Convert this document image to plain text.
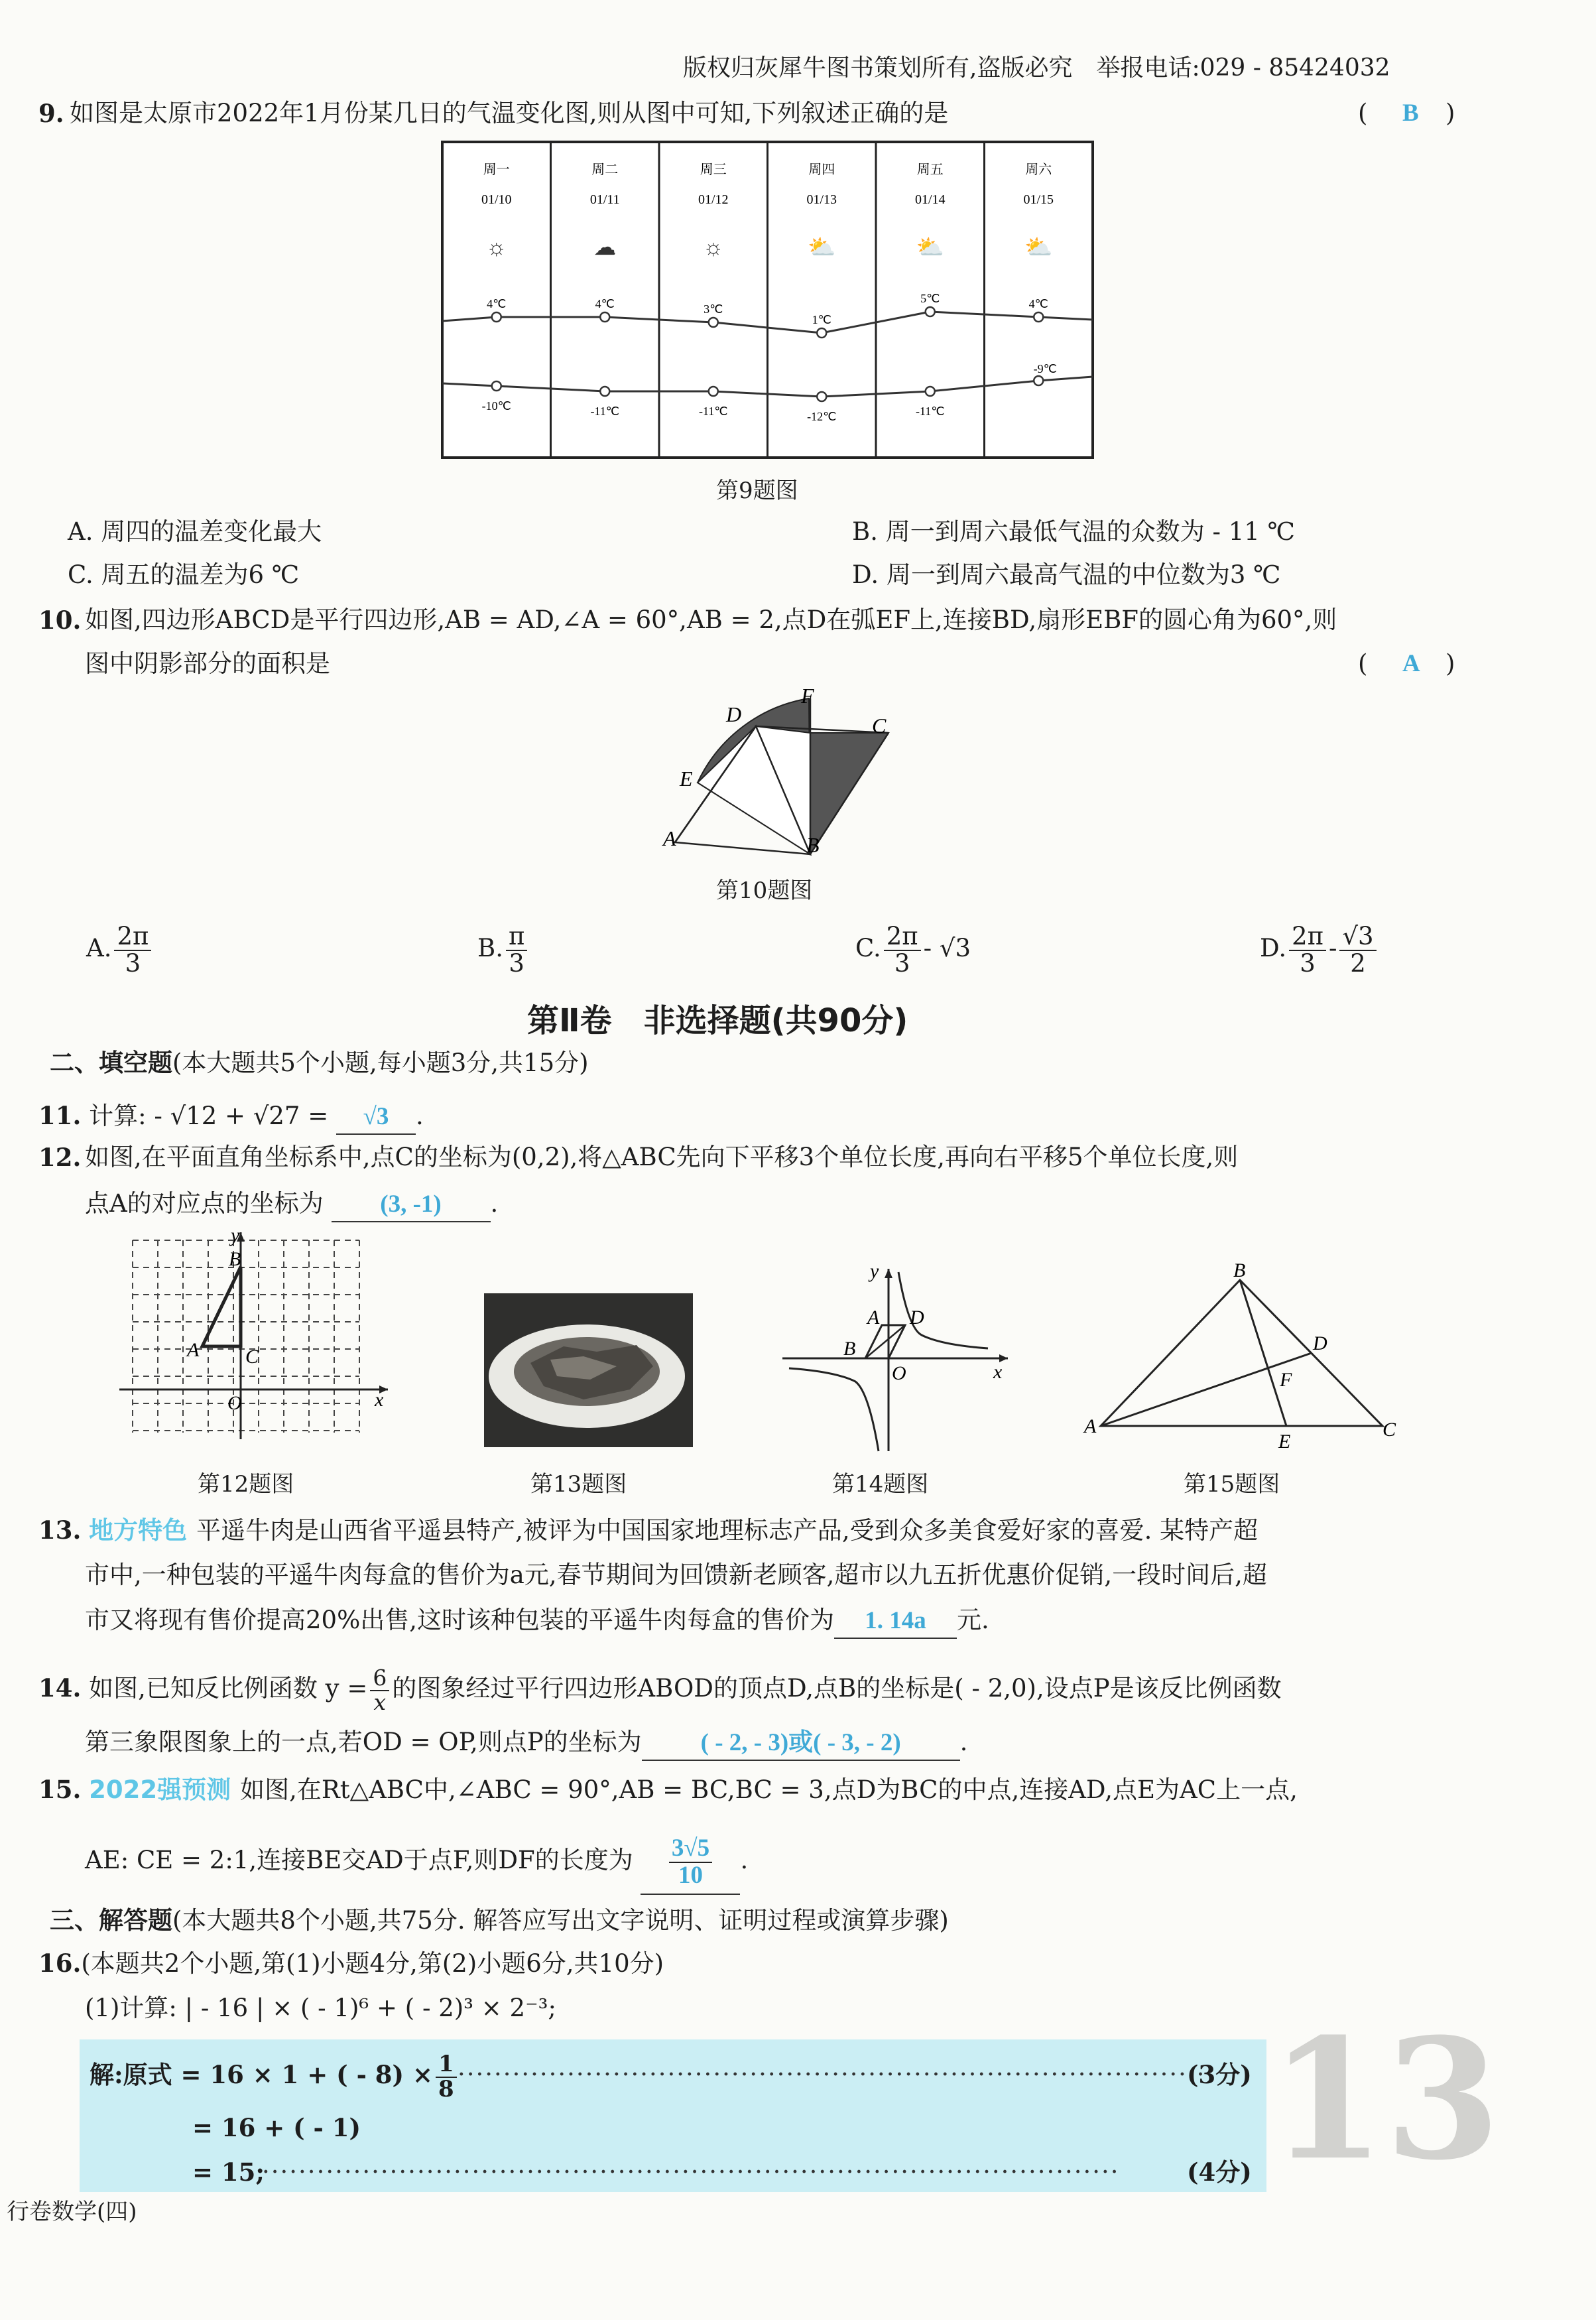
版权归灰犀牛图书策划所有,盗版必究　举报电话:029 - 85424032
9. 如图是太原市2022年1月份某几日的气温变化图,则从图中可知,下列叙述正确的是	( B )
周一
01/10
☼
4℃
-10℃
周二
01/11
☁
4℃
-11℃
周三
01/12
☼
3℃
-11℃
周四
01/13
⛅
1℃
-12℃
周五
01/14
⛅
5℃
-11℃
周六
01/15
⛅
4℃
-9℃
第9题图
A. 周四的温差变化最大	B. 周一到周六最低气温的众数为 - 11 ℃
C. 周五的温差为6 ℃	D. 周一到周六最高气温的中位数为3 ℃
10. 如图,四边形ABCD是平行四边形,AB = AD,∠A = 60°,AB = 2,点D在弧EF上,连接BD,扇形EBF的圆心角为60°,则
图中阴影部分的面积是	( A )
D
F
C
E
A	B
第10题图
A. $\frac{2\pi}{3}$	B. $\frac{\pi}{3}$	C. $\frac{2\pi}{3} - √3$	D. $\frac{2\pi}{3} - \frac{√3}{2}$
第Ⅱ卷　非选择题(共90分)
二、填空题(本大题共5个小题,每小题3分,共15分)
11. 计算: - √12 + √27 = √3 .
12. 如图,在平面直角坐标系中,点C的坐标为(0,2),将△ABC先向下平移3个单位长度,再向右平移5个单位长度,则
点A的对应点的坐标为 (3, -1) .
y
x
B
A C
O
y
x
A D
B
O
B
D
F
A
E
C
第12题图	第13题图	第14题图	第15题图
13. 地方特色 平遥牛肉是山西省平遥县特产,被评为中国国家地理标志产品,受到众多美食爱好家的喜爱. 某特产超
市中,一种包装的平遥牛肉每盒的售价为a元,春节期间为回馈新老顾客,超市以九五折优惠价促销,一段时间后,超
市又将现有售价提高20%出售,这时该种包装的平遥牛肉每盒的售价为 1. 14a 元.
14. 如图,已知反比例函数 $y = \frac{6}{x}$ 的图象经过平行四边形ABOD的顶点D,点B的坐标是( - 2,0),设点P是该反比例函数
第三象限图象上的一点,若OD = OP,则点P的坐标为 ( - 2, - 3)或( - 3, - 2) .
15. 2022强预测 如图,在Rt△ABC中,∠ABC = 90°,AB = BC,BC = 3,点D为BC的中点,连接AD,点E为AC上一点,
AE: CE = 2:1,连接BE交AD于点F,则DF的长度为 $\frac{3√5}{10}$ .
三、解答题(本大题共8个小题,共75分. 解答应写出文字说明、证明过程或演算步骤)
16.(本题共2个小题,第(1)小题4分,第(2)小题6分,共10分)
(1)计算: | - 16 | × ( - 1)⁶ + ( - 2)³ × 2⁻³;
解:原式 = 16 × 1 + ( - $8) \times \frac{1}{8}$ ··················································································
(3分)
= 16 + ( - 1)
= 15;
······························································································	(4分) 13
行卷数学(四)
